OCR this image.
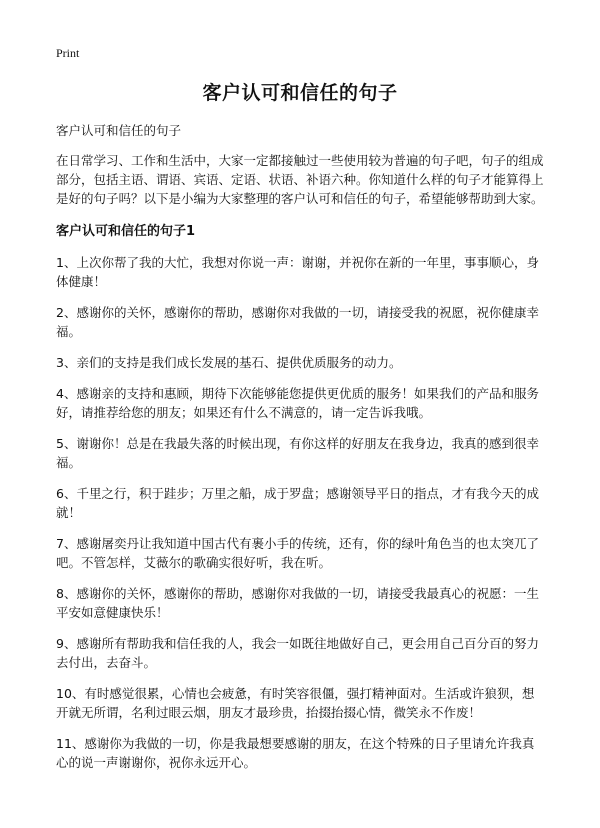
Print
客户认可和信任的句子

客户认可和信任的句子

在日常学习、工作和生活中，大家一定都接触过一些使用较为普遍的句子吧，句子的组成部分，包括主语、谓语、宾语、定语、状语、补语六种。你知道什么样的句子才能算得上是好的句子吗？以下是小编为大家整理的客户认可和信任的句子，希望能够帮助到大家。

客户认可和信任的句子1

1、上次你帮了我的大忙，我想对你说一声：谢谢，并祝你在新的一年里，事事顺心，身体健康！

2、感谢你的关怀，感谢你的帮助，感谢你对我做的一切，请接受我的祝愿，祝你健康幸福。

3、亲们的支持是我们成长发展的基石、提供优质服务的动力。

4、感谢亲的支持和惠顾，期待下次能够能您提供更优质的服务！如果我们的产品和服务好，请推荐给您的朋友；如果还有什么不满意的，请一定告诉我哦。

5、谢谢你！总是在我最失落的时候出现，有你这样的好朋友在我身边，我真的感到很幸福。

6、千里之行，积于跬步；万里之船，成于罗盘；感谢领导平日的指点，才有我今天的成就！

7、感谢屠奕丹让我知道中国古代有裹小手的传统，还有，你的绿叶角色当的也太突兀了吧。不管怎样，艾薇尔的歌确实很好听，我在听。

8、感谢你的关怀，感谢你的帮助，感谢你对我做的一切，请接受我最真心的祝愿：一生平安如意健康快乐！

9、感谢所有帮助我和信任我的人，我会一如既往地做好自己，更会用自己百分百的努力去付出，去奋斗。

10、有时感觉很累，心情也会疲惫，有时笑容很僵，强打精神面对。生活或许狼狈，想开就无所谓，名利过眼云烟，朋友才最珍贵，抬掇抬掇心情，微笑永不作废！

11、感谢你为我做的一切，你是我最想要感谢的朋友，在这个特殊的日子里请允许我真心的说一声谢谢你，祝你永远开心。
